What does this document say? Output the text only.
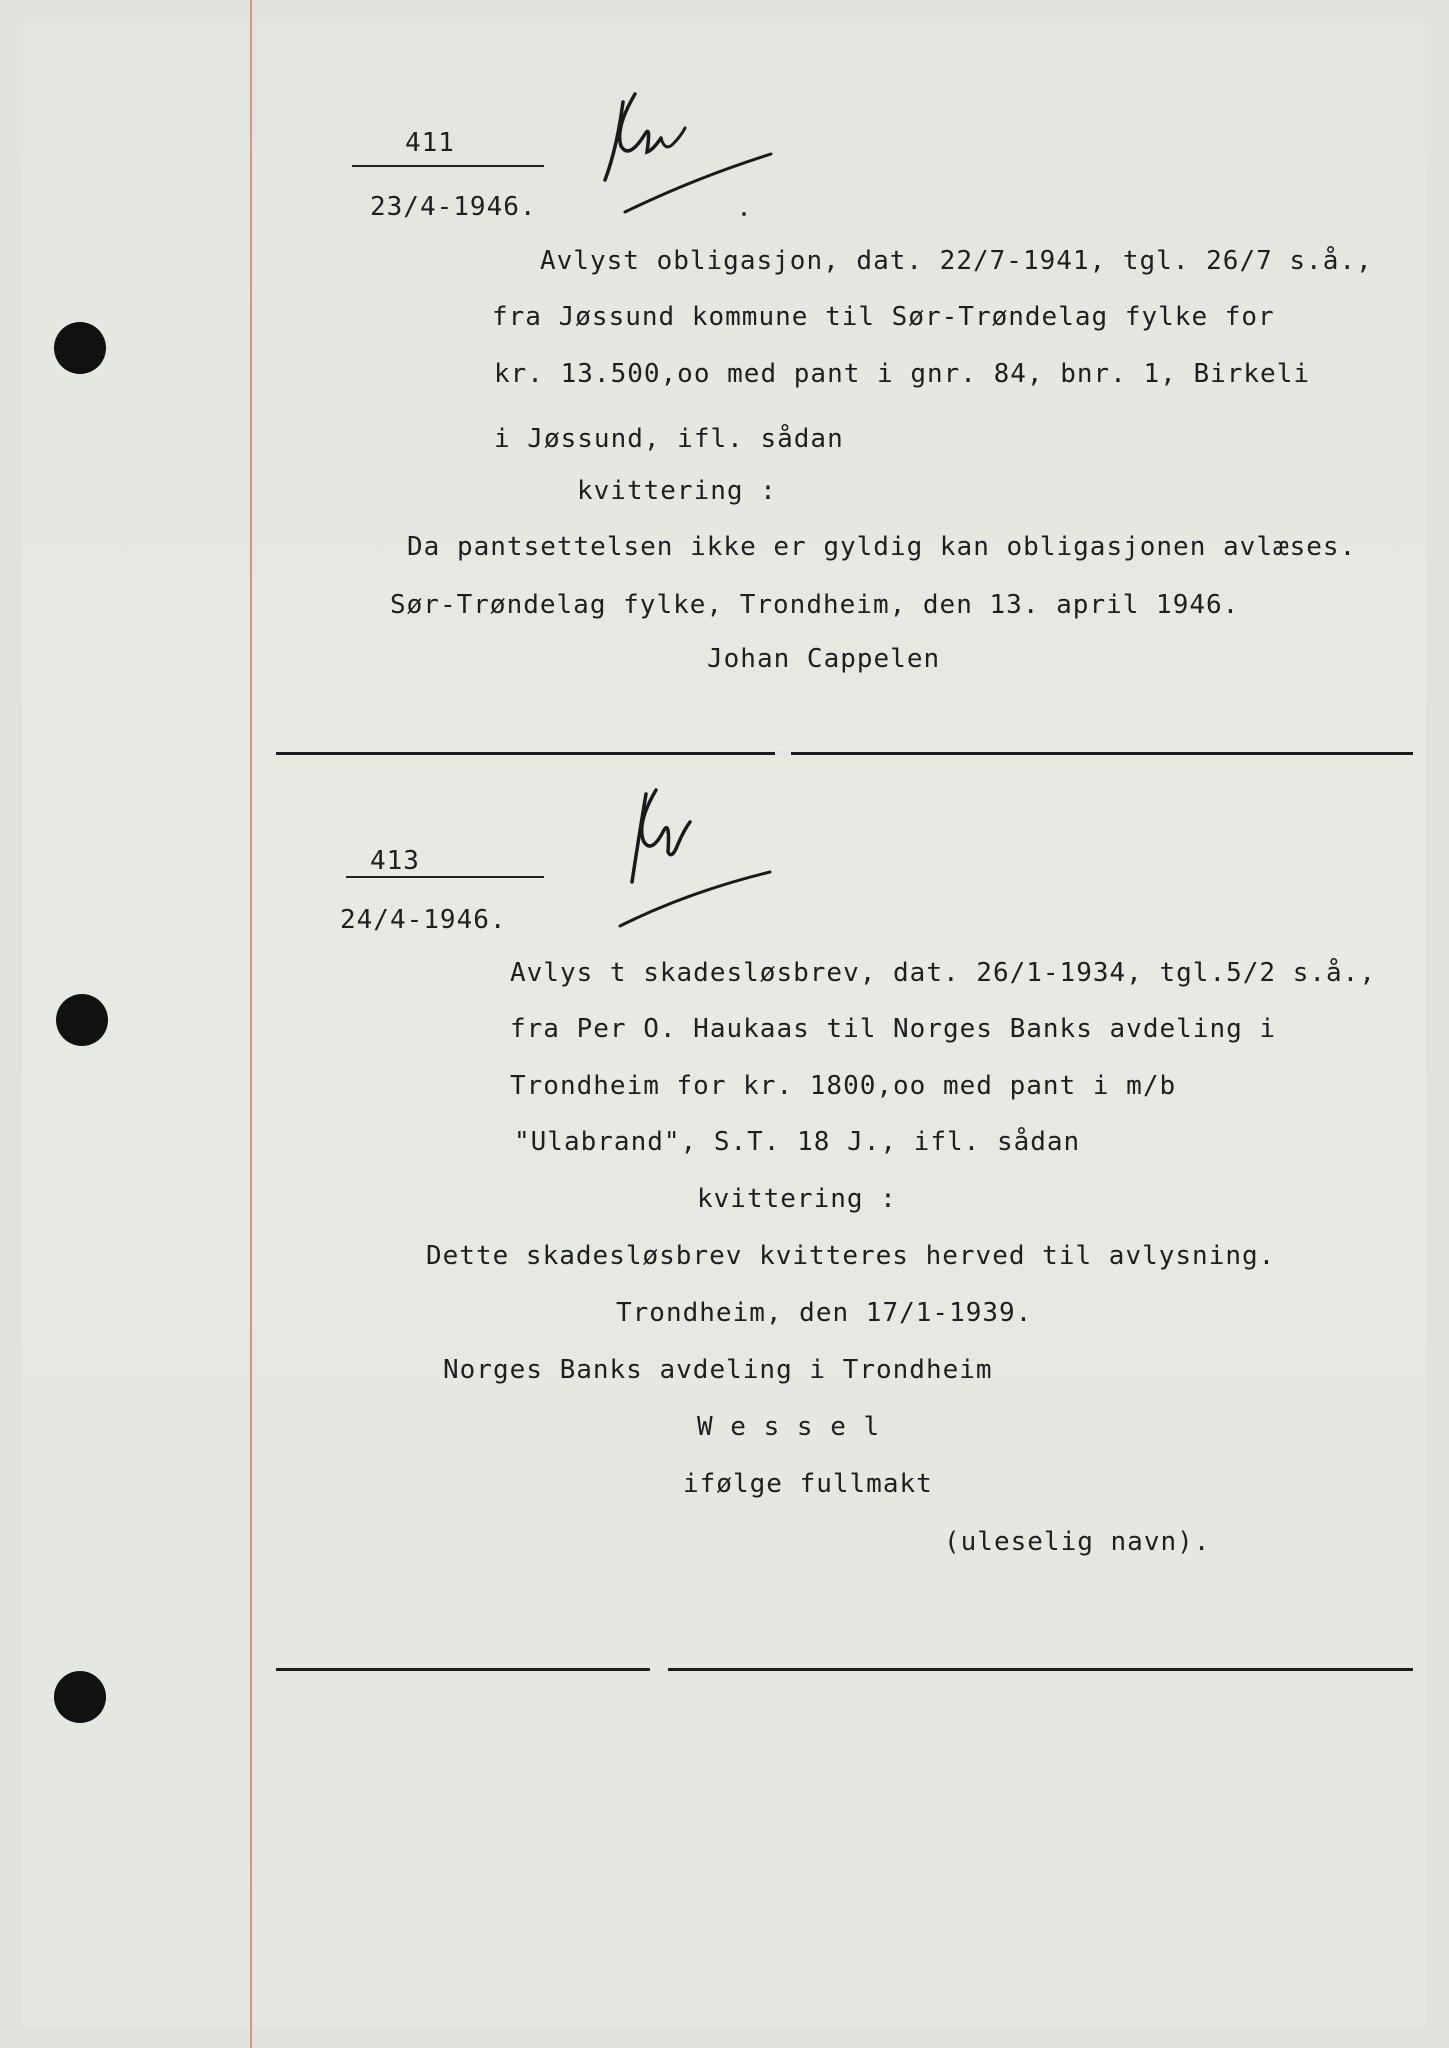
411
23/4-1946.
Avlyst obligasjon, dat. 22/7-1941, tgl. 26/7 s.å.,
fra Jøssund kommune til Sør-Trøndelag fylke for
kr. 13.500,oo med pant i gnr. 84, bnr. 1, Birkeli
i Jøssund, ifl. sådan
kvittering :
Da pantsettelsen ikke er gyldig kan obligasjonen avlæses.
Sør-Trøndelag fylke, Trondheim, den 13. april 1946.
Johan Cappelen
413
24/4-1946.
Avlys t skadesløsbrev, dat. 26/1-1934, tgl.5/2 s.å.,
fra Per O. Haukaas til Norges Banks avdeling i
Trondheim for kr. 1800,oo med pant i m/b
"Ulabrand", S.T. 18 J., ifl. sådan
kvittering :
Dette skadesløsbrev kvitteres herved til avlysning.
Trondheim, den 17/1-1939.
Norges Banks avdeling i Trondheim
W e s s e l
ifølge fullmakt
(uleselig navn).
